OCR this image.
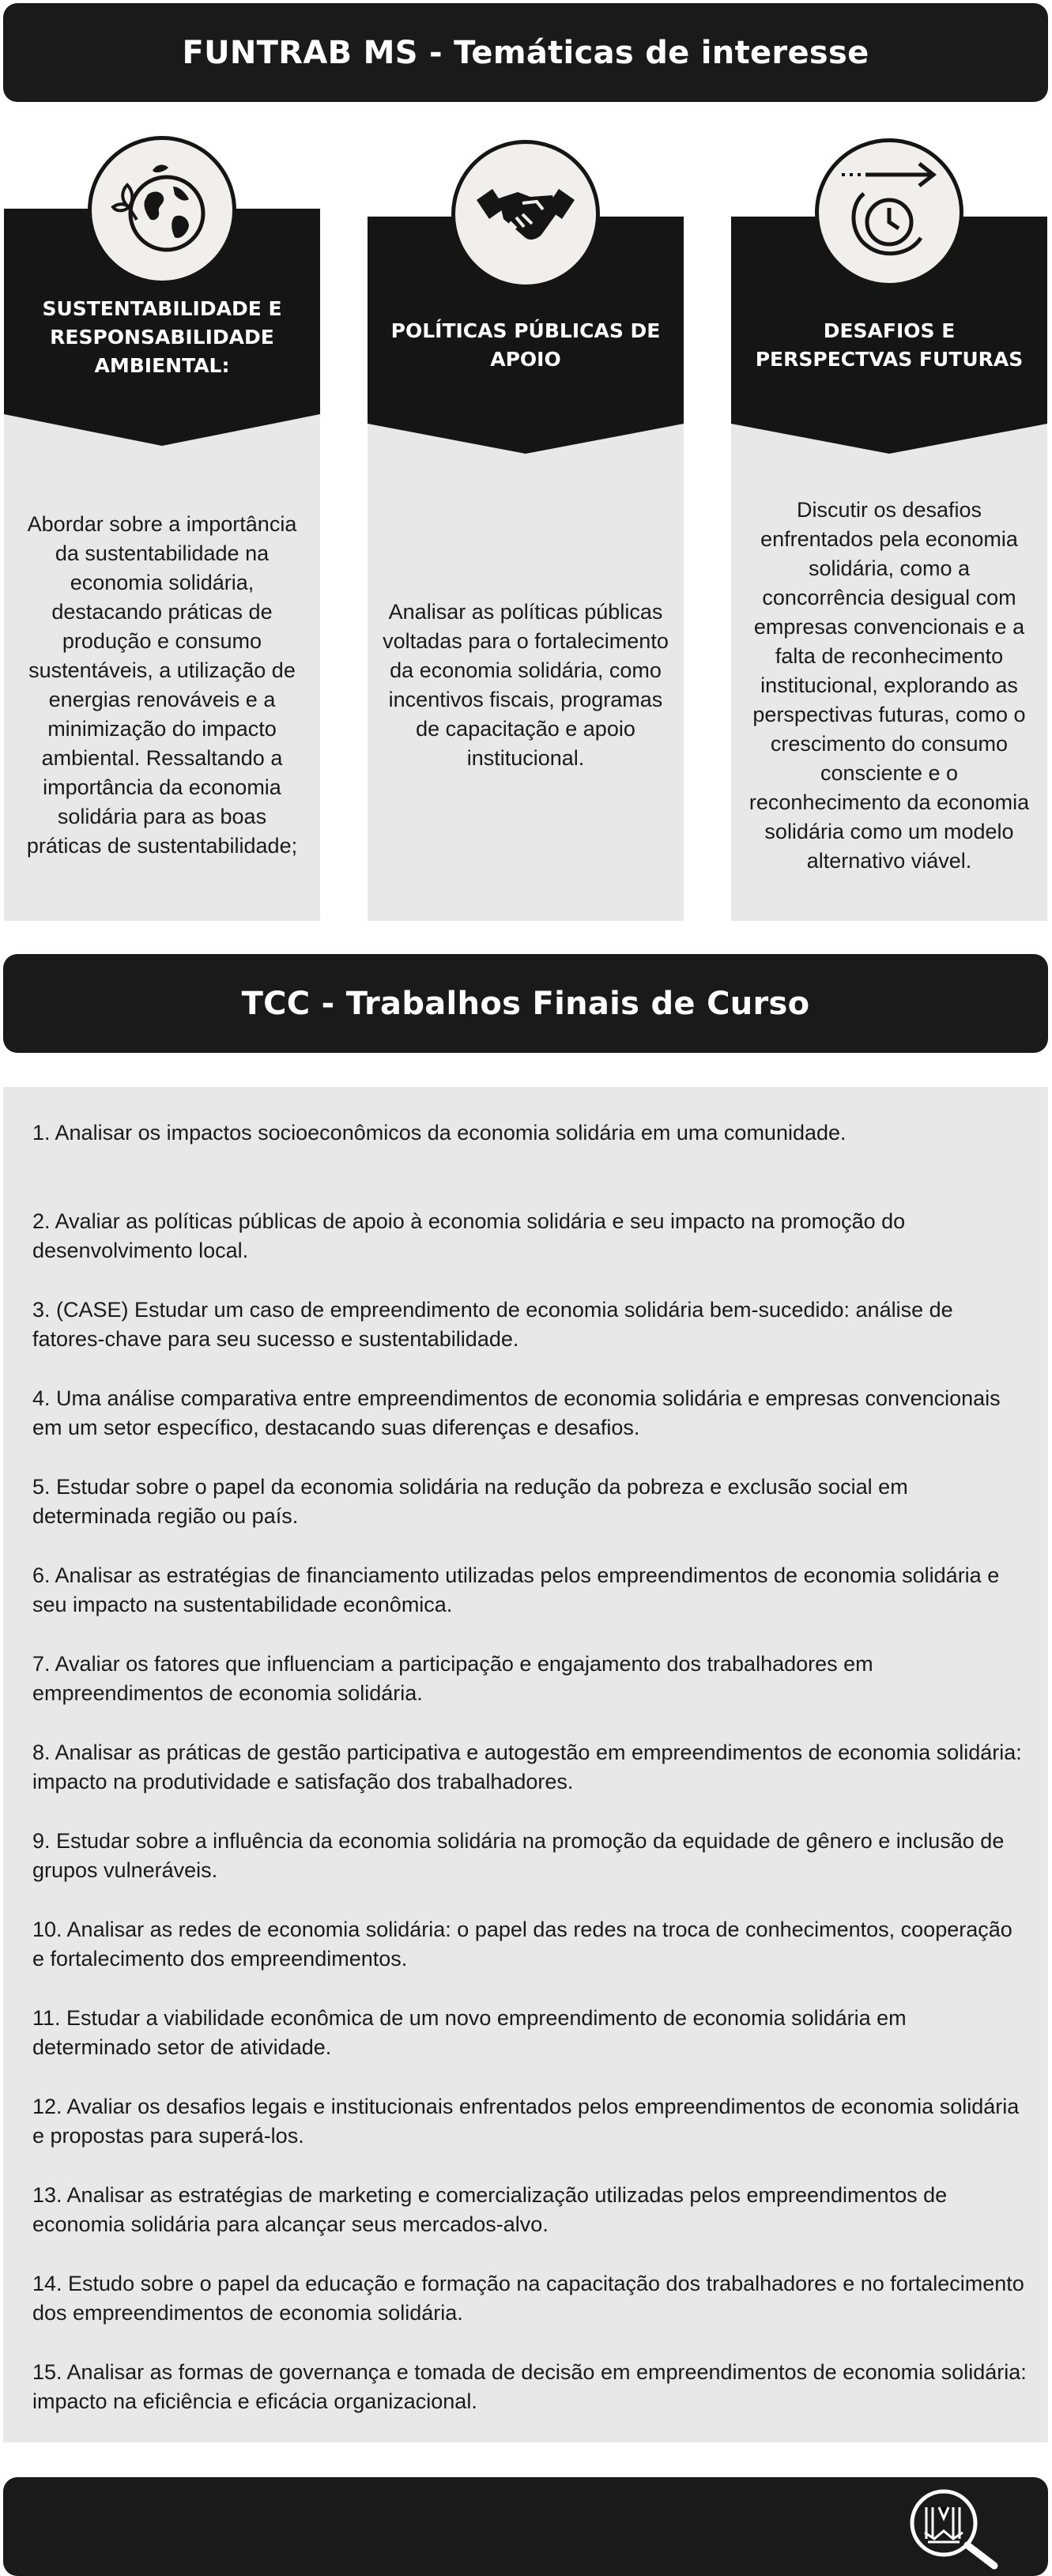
FUNTRAB MS - Temáticas de interesse
SUSTENTABILIDADE E RESPONSABILIDADE AMBIENTAL:
Abordar sobre a importância da sustentabilidade na economia solidária, destacando práticas de produção e consumo sustentáveis, a utilização de energias renováveis e a minimização do impacto ambiental. Ressaltando a importância da economia solidária para as boas práticas de sustentabilidade;
POLÍTICAS PÚBLICAS DE APOIO
Analisar as políticas públicas voltadas para o fortalecimento da economia solidária, como incentivos fiscais, programas de capacitação e apoio institucional.
DESAFIOS E PERSPECTVAS FUTURAS
Discutir os desafios enfrentados pela economia solidária, como a concorrência desigual com empresas convencionais e a falta de reconhecimento institucional, explorando as perspectivas futuras, como o crescimento do consumo consciente e o reconhecimento da economia solidária como um modelo alternativo viável.
TCC - Trabalhos Finais de Curso
1. Analisar os impactos socioeconômicos da economia solidária em uma comunidade.
2. Avaliar as políticas públicas de apoio à economia solidária e seu impacto na promoção do desenvolvimento local.
3. (CASE) Estudar um caso de empreendimento de economia solidária bem-sucedido: análise de fatores-chave para seu sucesso e sustentabilidade.
4. Uma análise comparativa entre empreendimentos de economia solidária e empresas convencionais em um setor específico, destacando suas diferenças e desafios.
5. Estudar sobre o papel da economia solidária na redução da pobreza e exclusão social em determinada região ou país.
6. Analisar as estratégias de financiamento utilizadas pelos empreendimentos de economia solidária e seu impacto na sustentabilidade econômica.
7. Avaliar os fatores que influenciam a participação e engajamento dos trabalhadores em empreendimentos de economia solidária.
8. Analisar as práticas de gestão participativa e autogestão em empreendimentos de economia solidária: impacto na produtividade e satisfação dos trabalhadores.
9. Estudar sobre a influência da economia solidária na promoção da equidade de gênero e inclusão de grupos vulneráveis.
10. Analisar as redes de economia solidária: o papel das redes na troca de conhecimentos, cooperação e fortalecimento dos empreendimentos.
11. Estudar a viabilidade econômica de um novo empreendimento de economia solidária em determinado setor de atividade.
12. Avaliar os desafios legais e institucionais enfrentados pelos empreendimentos de economia solidária e propostas para superá-los.
13. Analisar as estratégias de marketing e comercialização utilizadas pelos empreendimentos de economia solidária para alcançar seus mercados-alvo.
14. Estudo sobre o papel da educação e formação na capacitação dos trabalhadores e no fortalecimento dos empreendimentos de economia solidária.
15. Analisar as formas de governança e tomada de decisão em empreendimentos de economia solidária: impacto na eficiência e eficácia organizacional.
